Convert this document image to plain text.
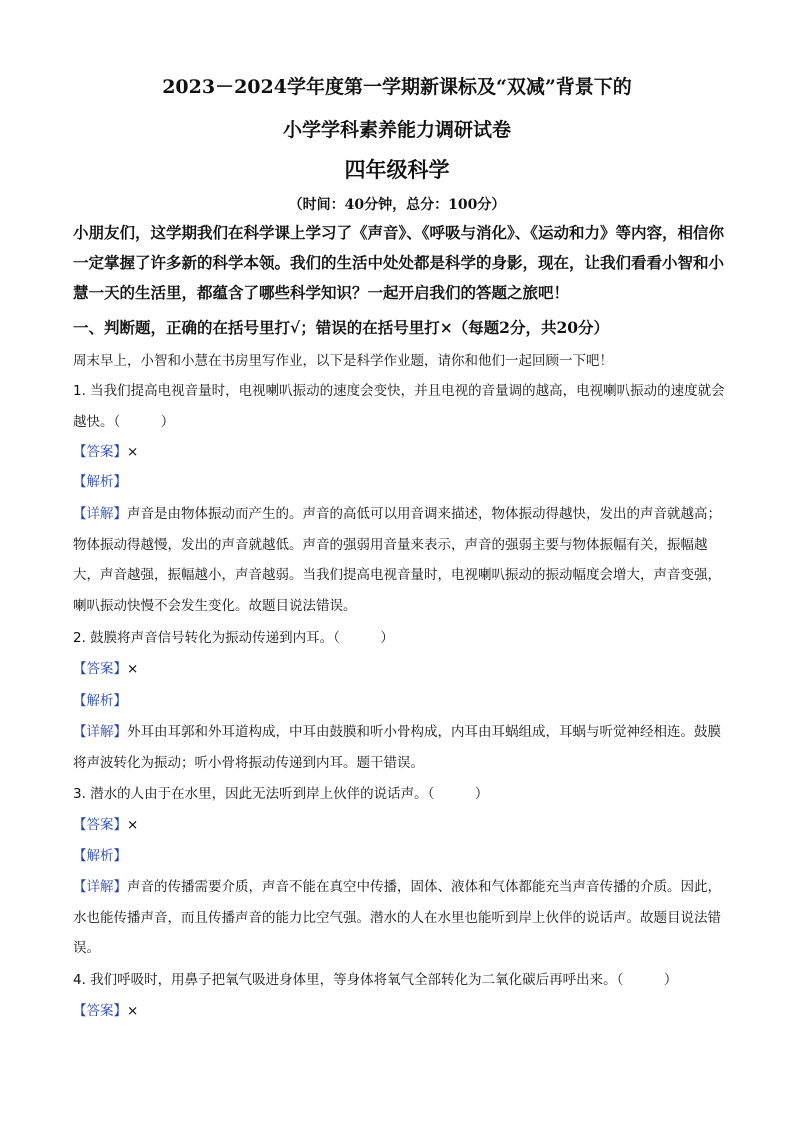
2023－2024学年度第一学期新课标及“双减”背景下的
小学学科素养能力调研试卷
四年级科学
（时间：40分钟，总分：100分）
小朋友们，这学期我们在科学课上学习了《声音》、《呼吸与消化》、《运动和力》等内容，相信你一定掌握了许多新的科学本领。我们的生活中处处都是科学的身影，现在，让我们看看小智和小慧一天的生活里，都蕴含了哪些科学知识？一起开启我们的答题之旅吧！
一、判断题，正确的在括号里打√；错误的在括号里打×（每题2分，共20分）
周末早上，小智和小慧在书房里写作业，以下是科学作业题，请你和他们一起回顾一下吧！
1. 当我们提高电视音量时，电视喇叭振动的速度会变快，并且电视的音量调的越高，电视喇叭振动的速度就会越快。（　　　）
【答案】×
【解析】
【详解】声音是由物体振动而产生的。声音的高低可以用音调来描述，物体振动得越快，发出的声音就越高；物体振动得越慢，发出的声音就越低。声音的强弱用音量来表示，声音的强弱主要与物体振幅有关，振幅越大，声音越强，振幅越小，声音越弱。当我们提高电视音量时，电视喇叭振动的振动幅度会增大，声音变强，喇叭振动快慢不会发生变化。故题目说法错误。
2. 鼓膜将声音信号转化为振动传递到内耳。（　　　）
【答案】×
【解析】
【详解】外耳由耳郭和外耳道构成，中耳由鼓膜和听小骨构成，内耳由耳蜗组成，耳蜗与听觉神经相连。鼓膜将声波转化为振动；听小骨将振动传递到内耳。题干错误。
3. 潜水的人由于在水里，因此无法听到岸上伙伴的说话声。（　　　）
【答案】×
【解析】
【详解】声音的传播需要介质，声音不能在真空中传播，固体、液体和气体都能充当声音传播的介质。因此，水也能传播声音，而且传播声音的能力比空气强。潜水的人在水里也能听到岸上伙伴的说话声。故题目说法错误。
4. 我们呼吸时，用鼻子把氧气吸进身体里，等身体将氧气全部转化为二氧化碳后再呼出来。（　　　）
【答案】×
